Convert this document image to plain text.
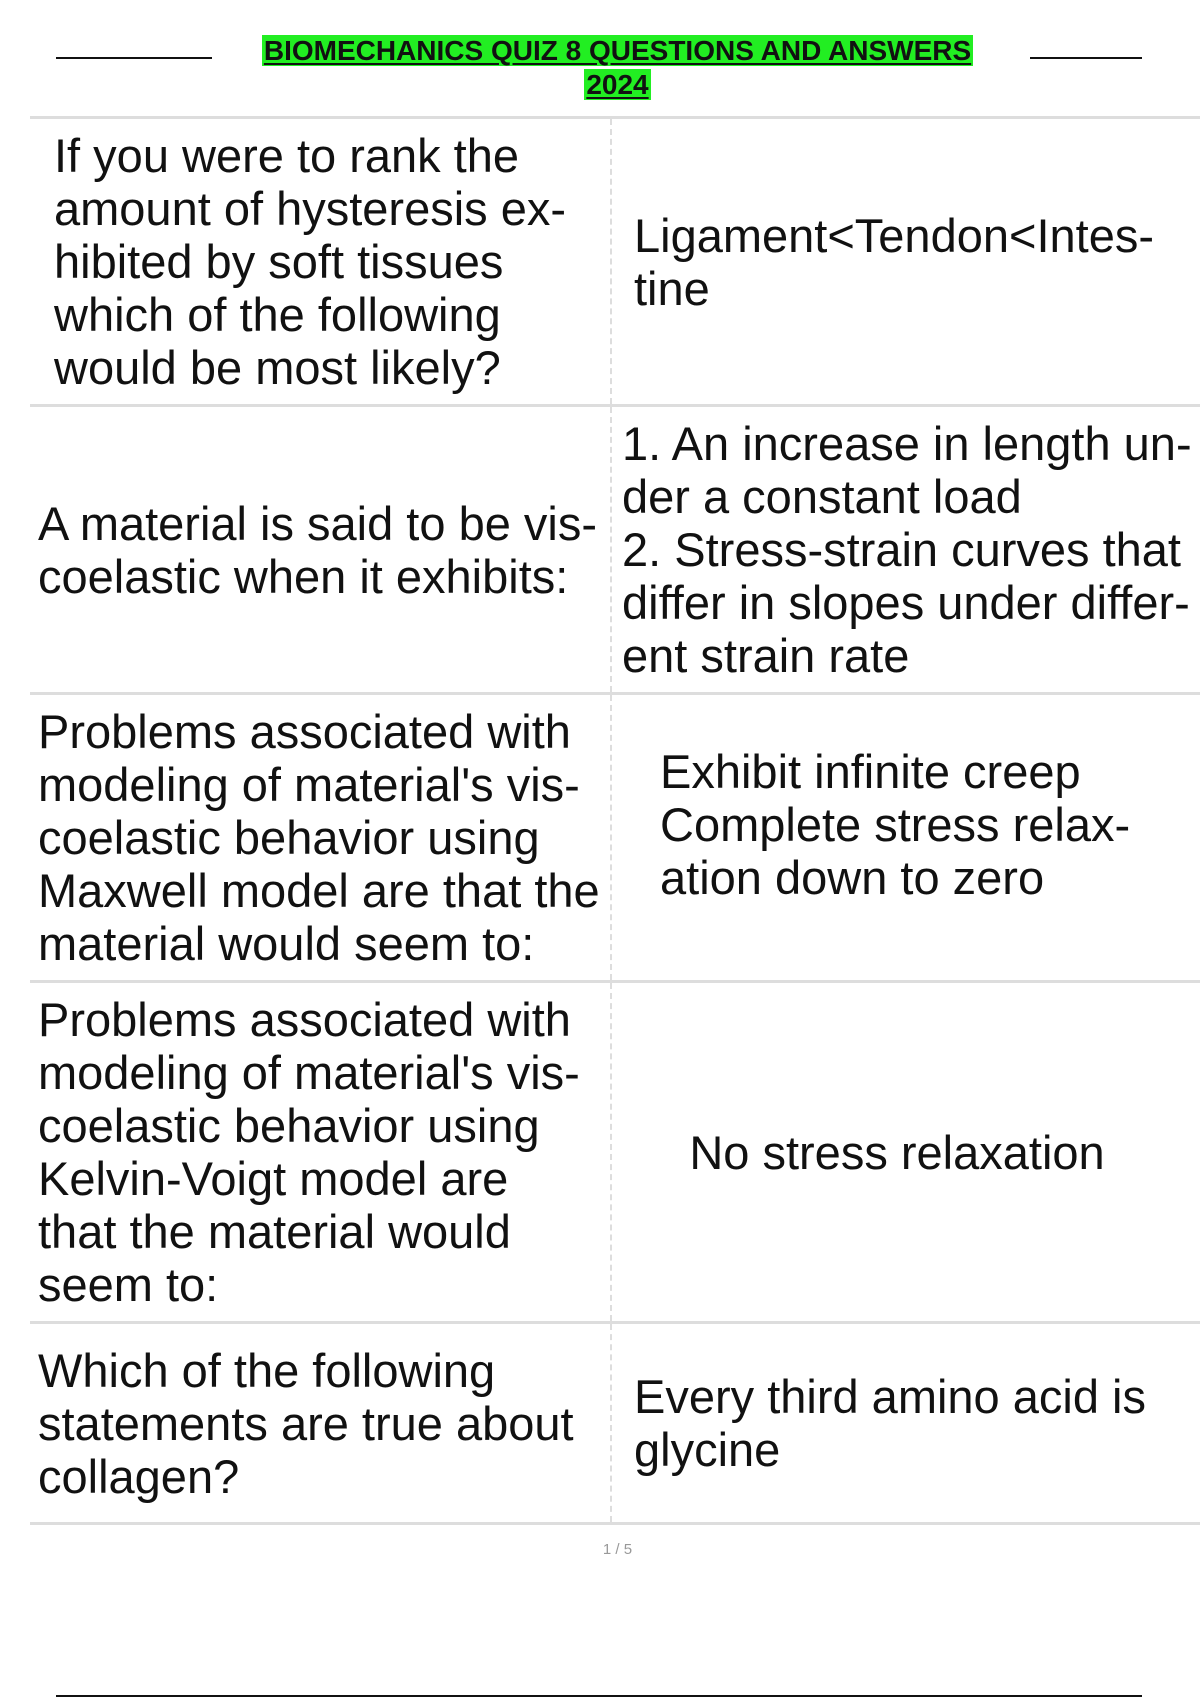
BIOMECHANICS QUIZ 8 QUESTIONS AND ANSWERS
2024
If you were to rank the amount of hysteresis ex-hibited by soft tissues which of the following would be most likely?	Ligament<Tendon<Intes-tine

A material is said to be vis-coelastic when it exhibits:	1. An increase in length un-der a constant load
2. Stress-strain curves that differ in slopes under differ-ent strain rate

Problems associated with modeling of material's vis-coelastic behavior using Maxwell model are that the material would seem to:	Exhibit infinite creep
Complete stress relax-ation down to zero

Problems associated with modeling of material's vis-coelastic behavior using Kelvin-Voigt model are that the material would seem to:	No stress relaxation

Which of the following statements are true about collagen?	Every third amino acid is glycine
1 / 5
